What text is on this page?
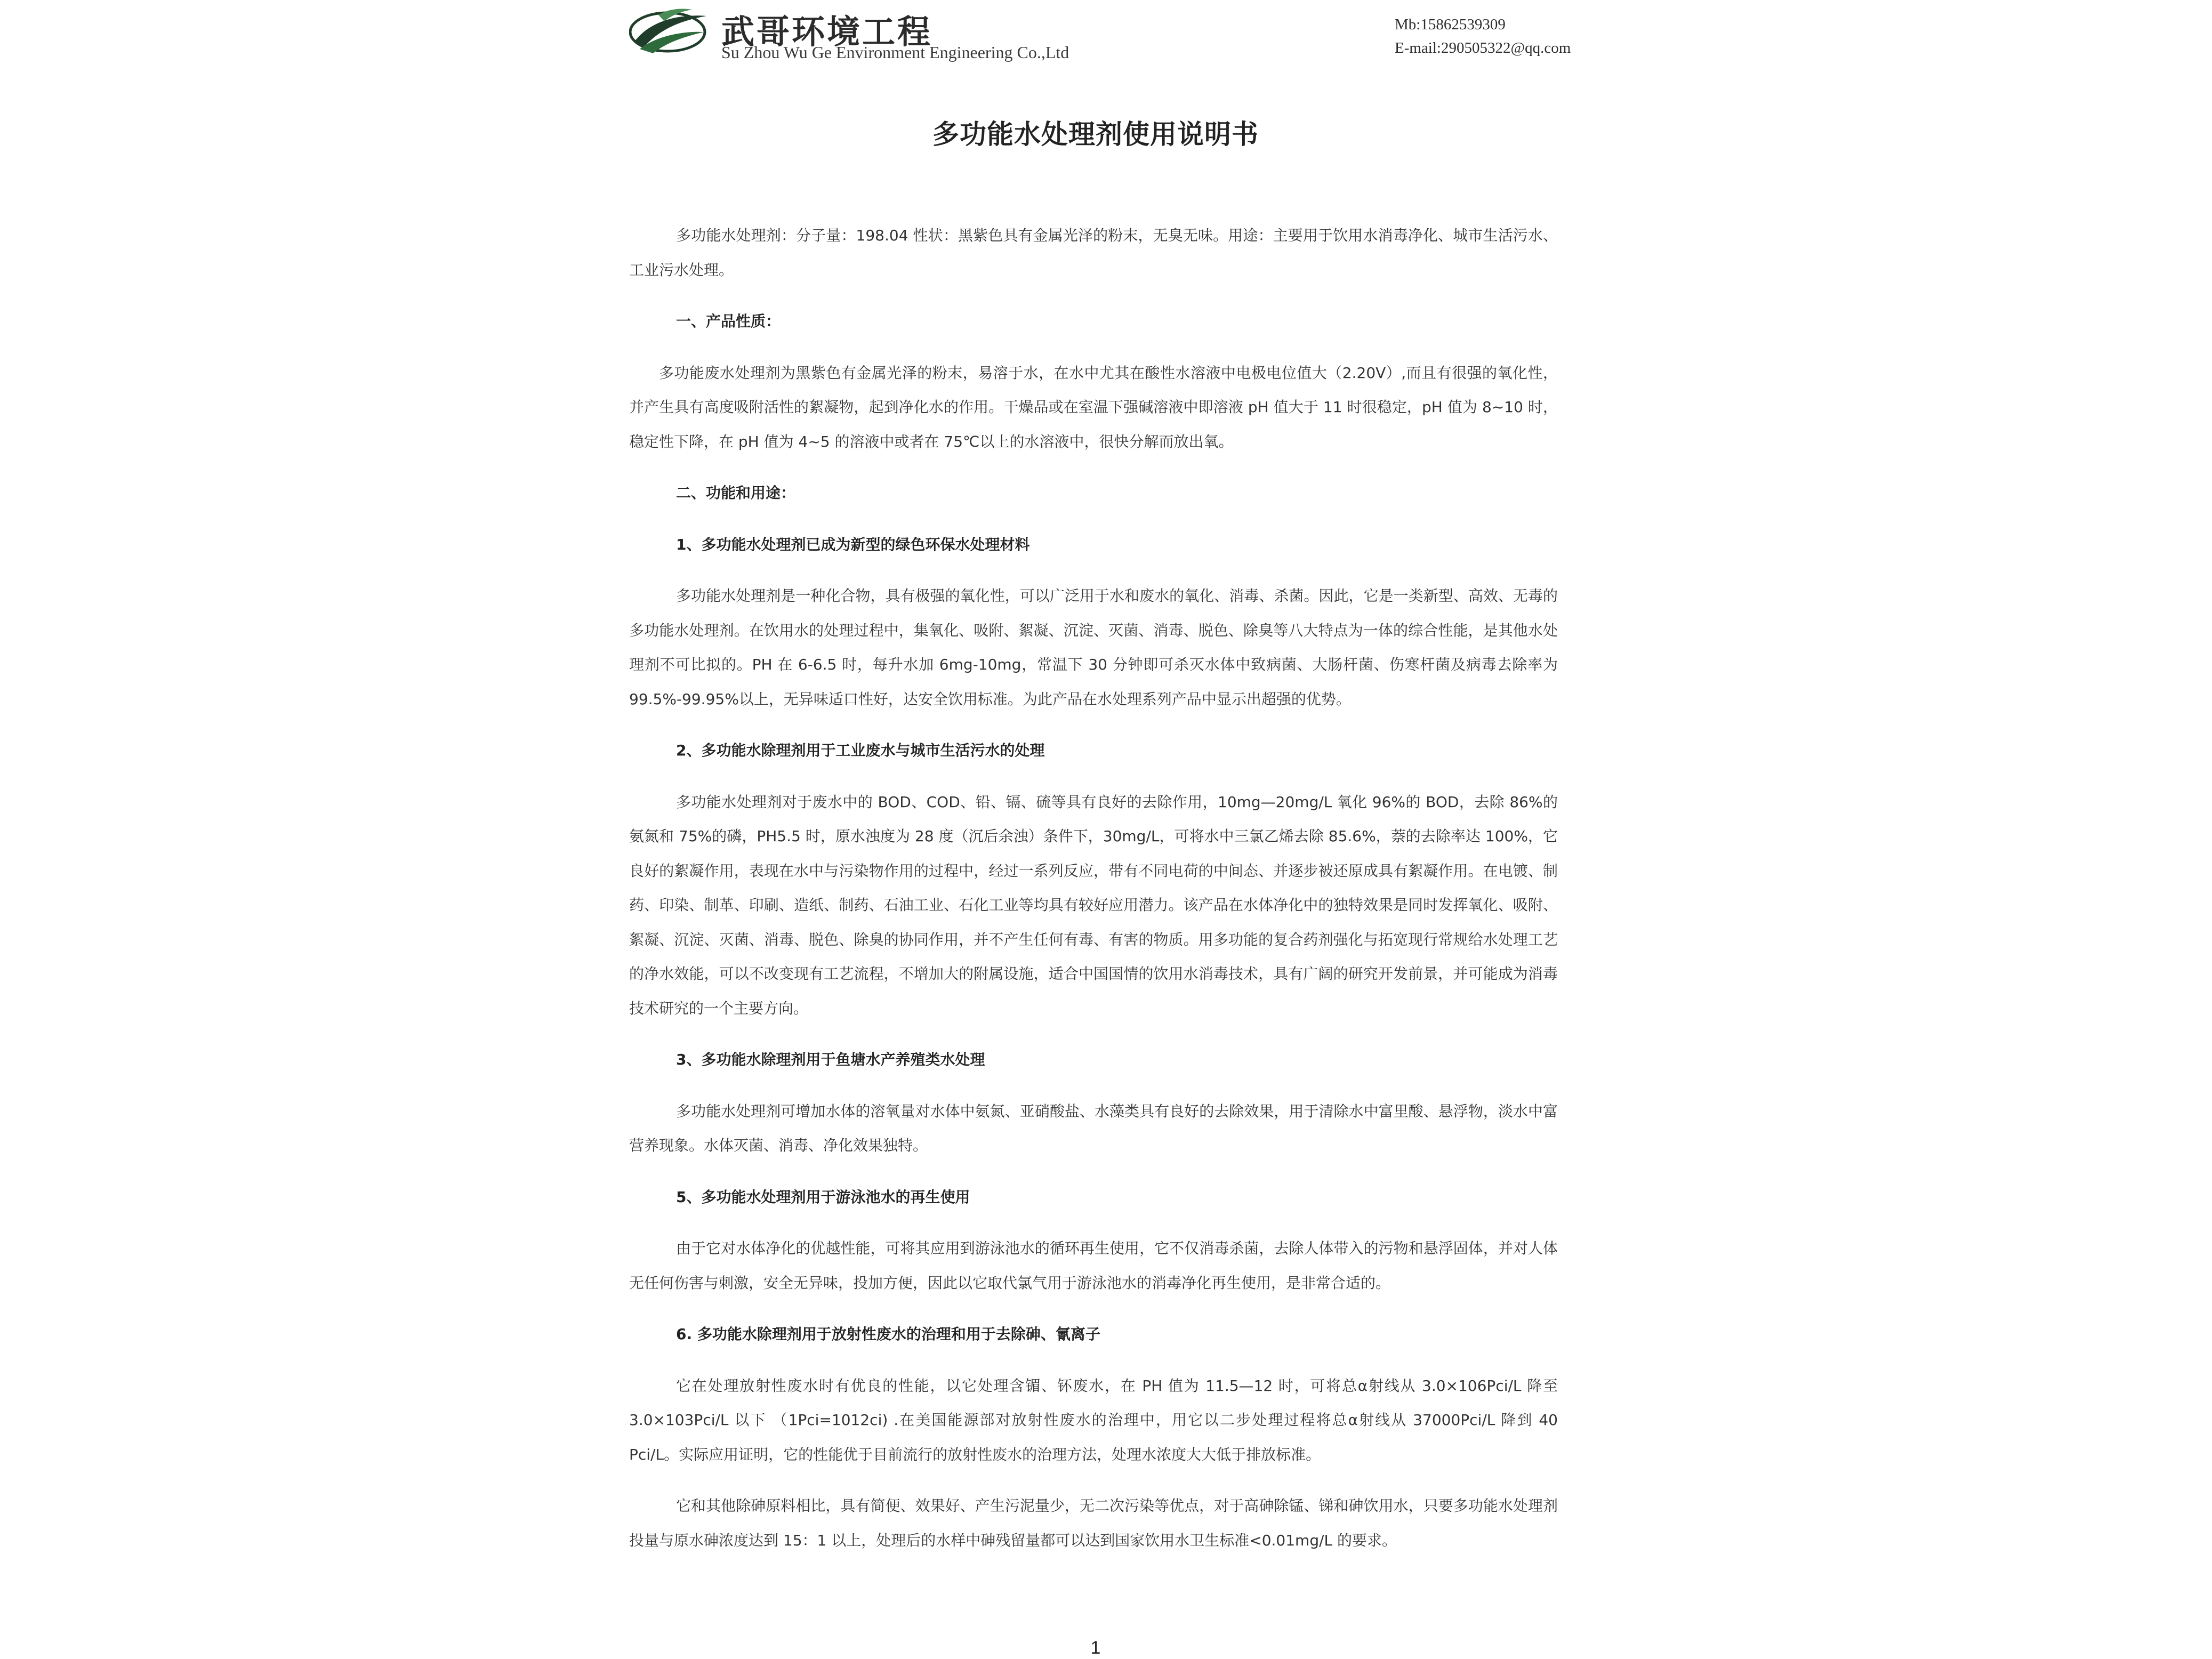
武哥环境工程
Su Zhou Wu Ge Environment Engineering Co.,Ltd
Mb:15862539309
E-mail:290505322@qq.com
多功能水处理剂使用说明书

多功能水处理剂：分子量：198.04 性状：黑紫色具有金属光泽的粉末，无臭无味。用途：主要用于饮用水消毒净化、城市生活污水、工业污水处理。

一、产品性质：

多功能废水处理剂为黑紫色有金属光泽的粉末，易溶于水，在水中尤其在酸性水溶液中电极电位值大（2.20V）,而且有很强的氧化性，并产生具有高度吸附活性的絮凝物，起到净化水的作用。干燥品或在室温下强碱溶液中即溶液 pH 值大于 11 时很稳定，pH 值为 8~10 时，稳定性下降，在 pH 值为 4~5 的溶液中或者在 75℃以上的水溶液中，很快分解而放出氧。

二、功能和用途：
1、多功能水处理剂已成为新型的绿色环保水处理材料

多功能水处理剂是一种化合物，具有极强的氧化性，可以广泛用于水和废水的氧化、消毒、杀菌。因此，它是一类新型、高效、无毒的多功能水处理剂。在饮用水的处理过程中，集氧化、吸附、絮凝、沉淀、灭菌、消毒、脱色、除臭等八大特点为一体的综合性能，是其他水处理剂不可比拟的。PH 在 6-6.5 时，每升水加 6mg-10mg，常温下 30 分钟即可杀灭水体中致病菌、大肠杆菌、伤寒杆菌及病毒去除率为 99.5%-99.95%以上，无异味适口性好，达安全饮用标准。为此产品在水处理系列产品中显示出超强的优势。

2、多功能水除理剂用于工业废水与城市生活污水的处理

多功能水处理剂对于废水中的 BOD、COD、铅、镉、硫等具有良好的去除作用，10mg—20mg/L 氧化 96%的 BOD，去除 86%的氨氮和 75%的磷，PH5.5 时，原水浊度为 28 度（沉后余浊）条件下，30mg/L，可将水中三氯乙烯去除 85.6%，萘的去除率达 100%，它良好的絮凝作用，表现在水中与污染物作用的过程中，经过一系列反应，带有不同电荷的中间态、并逐步被还原成具有絮凝作用。在电镀、制药、印染、制革、印刷、造纸、制药、石油工业、石化工业等均具有较好应用潜力。该产品在水体净化中的独特效果是同时发挥氧化、吸附、絮凝、沉淀、灭菌、消毒、脱色、除臭的协同作用，并不产生任何有毒、有害的物质。用多功能的复合药剂强化与拓宽现行常规给水处理工艺的净水效能，可以不改变现有工艺流程，不增加大的附属设施，适合中国国情的饮用水消毒技术，具有广阔的研究开发前景，并可能成为消毒技术研究的一个主要方向。

3、多功能水除理剂用于鱼塘水产养殖类水处理

多功能水处理剂可增加水体的溶氧量对水体中氨氮、亚硝酸盐、水藻类具有良好的去除效果，用于清除水中富里酸、悬浮物，淡水中富营养现象。水体灭菌、消毒、净化效果独特。

5、多功能水处理剂用于游泳池水的再生使用

由于它对水体净化的优越性能，可将其应用到游泳池水的循环再生使用，它不仅消毒杀菌，去除人体带入的污物和悬浮固体，并对人体无任何伤害与刺激，安全无异味，投加方便，因此以它取代氯气用于游泳池水的消毒净化再生使用，是非常合适的。

6. 多功能水除理剂用于放射性废水的治理和用于去除砷、氰离子

它在处理放射性废水时有优良的性能，以它处理含镅、钚废水，在 PH 值为 11.5—12 时，可将总α射线从 3.0×106Pci/L 降至 3.0×103Pci/L 以下 （1Pci=1012ci) .在美国能源部对放射性废水的治理中，用它以二步处理过程将总α射线从 37000Pci/L 降到 40 Pci/L。实际应用证明，它的性能优于目前流行的放射性废水的治理方法，处理水浓度大大低于排放标准。

它和其他除砷原料相比，具有简便、效果好、产生污泥量少，无二次污染等优点，对于高砷除锰、锑和砷饮用水，只要多功能水处理剂投量与原水砷浓度达到 15：1 以上，处理后的水样中砷残留量都可以达到国家饮用水卫生标准<0.01mg/L 的要求。

1
